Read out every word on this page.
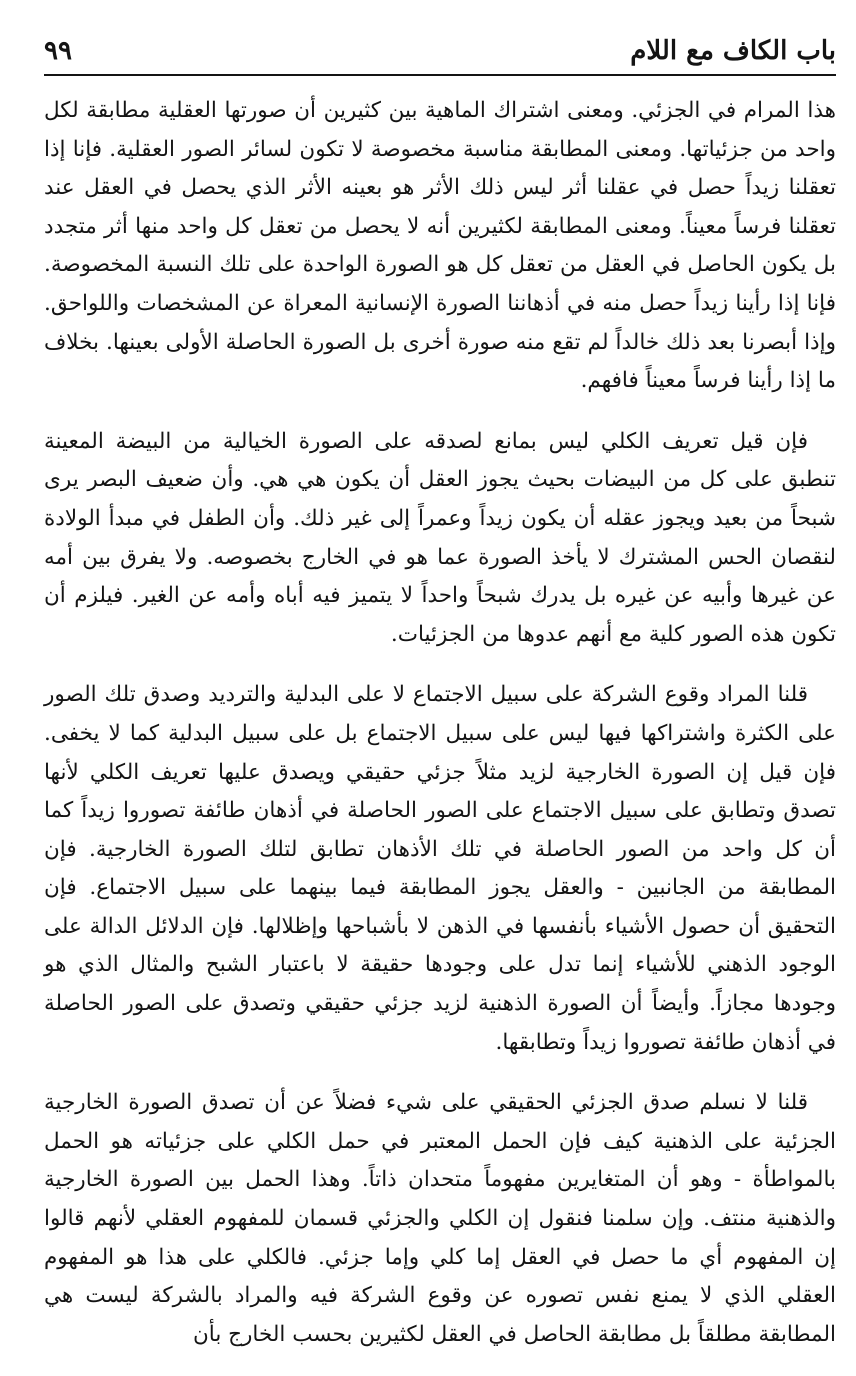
باب الكاف مع اللام
٩٩

هذا المرام في الجزئي. ومعنى اشتراك الماهية بين كثيرين أن صورتها العقلية مطابقة لكل واحد من جزئياتها. ومعنى المطابقة مناسبة مخصوصة لا تكون لسائر الصور العقلية. فإنا إذا تعقلنا زيداً حصل في عقلنا أثر ليس ذلك الأثر هو بعينه الأثر الذي يحصل في العقل عند تعقلنا فرساً معيناً. ومعنى المطابقة لكثيرين أنه لا يحصل من تعقل كل واحد منها أثر متجدد بل يكون الحاصل في العقل من تعقل كل هو الصورة الواحدة على تلك النسبة المخصوصة. فإنا إذا رأينا زيداً حصل منه في أذهاننا الصورة الإنسانية المعراة عن المشخصات واللواحق. وإذا أبصرنا بعد ذلك خالداً لم تقع منه صورة أخرى بل الصورة الحاصلة الأولى بعينها. بخلاف ما إذا رأينا فرساً معيناً فافهم.

فإن قيل تعريف الكلي ليس بمانع لصدقه على الصورة الخيالية من البيضة المعينة تنطبق على كل من البيضات بحيث يجوز العقل أن يكون هي هي. وأن ضعيف البصر يرى شبحاً من بعيد ويجوز عقله أن يكون زيداً وعمراً إلى غير ذلك. وأن الطفل في مبدأ الولادة لنقصان الحس المشترك لا يأخذ الصورة عما هو في الخارج بخصوصه. ولا يفرق بين أمه عن غيرها وأبيه عن غيره بل يدرك شبحاً واحداً لا يتميز فيه أباه وأمه عن الغير. فيلزم أن تكون هذه الصور كلية مع أنهم عدوها من الجزئيات.

قلنا المراد وقوع الشركة على سبيل الاجتماع لا على البدلية والترديد وصدق تلك الصور على الكثرة واشتراكها فيها ليس على سبيل الاجتماع بل على سبيل البدلية كما لا يخفى. فإن قيل إن الصورة الخارجية لزيد مثلاً جزئي حقيقي ويصدق عليها تعريف الكلي لأنها تصدق وتطابق على سبيل الاجتماع على الصور الحاصلة في أذهان طائفة تصوروا زيداً كما أن كل واحد من الصور الحاصلة في تلك الأذهان تطابق لتلك الصورة الخارجية. فإن المطابقة من الجانبين - والعقل يجوز المطابقة فيما بينهما على سبيل الاجتماع. فإن التحقيق أن حصول الأشياء بأنفسها في الذهن لا بأشباحها وإظلالها. فإن الدلائل الدالة على الوجود الذهني للأشياء إنما تدل على وجودها حقيقة لا باعتبار الشبح والمثال الذي هو وجودها مجازاً. وأيضاً أن الصورة الذهنية لزيد جزئي حقيقي وتصدق على الصور الحاصلة في أذهان طائفة تصوروا زيداً وتطابقها.

قلنا لا نسلم صدق الجزئي الحقيقي على شيء فضلاً عن أن تصدق الصورة الخارجية الجزئية على الذهنية كيف فإن الحمل المعتبر في حمل الكلي على جزئياته هو الحمل بالمواطأة - وهو أن المتغايرين مفهوماً متحدان ذاتاً. وهذا الحمل بين الصورة الخارجية والذهنية منتف. وإن سلمنا فنقول إن الكلي والجزئي قسمان للمفهوم العقلي لأنهم قالوا إن المفهوم أي ما حصل في العقل إما كلي وإما جزئي. فالكلي على هذا هو المفهوم العقلي الذي لا يمنع نفس تصوره عن وقوع الشركة فيه والمراد بالشركة ليست هي المطابقة مطلقاً بل مطابقة الحاصل في العقل لكثيرين بحسب الخارج بأن
